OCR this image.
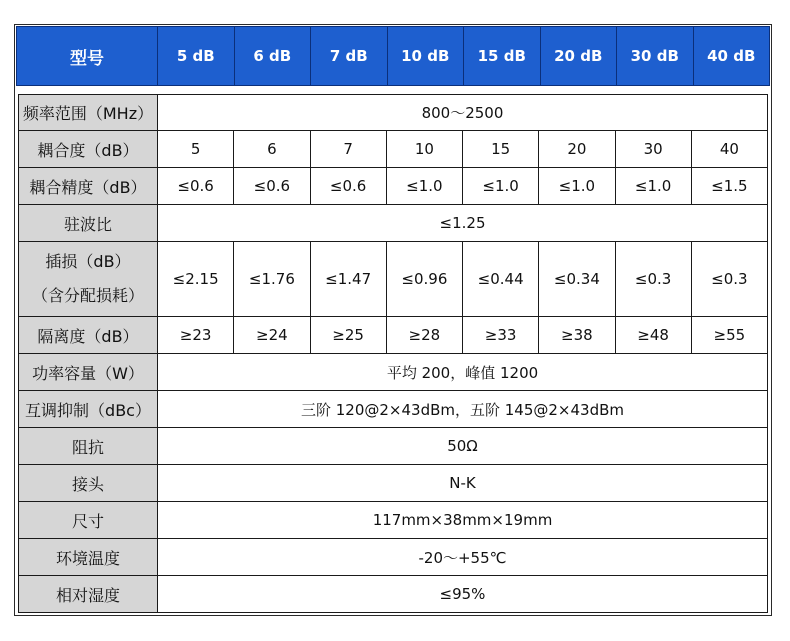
型号	5 dB	6 dB	7 dB	10 dB	15 dB	20 dB	30 dB	40 dB
频率范围（MHz）	800～2500							
耦合度（dB）	5	6	7	10	15	20	30	40
耦合精度（dB）	≤0.6	≤0.6	≤0.6	≤1.0	≤1.0	≤1.0	≤1.0	≤1.5
驻波比	≤1.25							

插损（dB）
（含分配损耗）	≤2.15	≤1.76	≤1.47	≤0.96	≤0.44	≤0.34	≤0.3	≤0.3
隔离度（dB）	≥23	≥24	≥25	≥28	≥33	≥38	≥48	≥55
功率容量（W）	平均 200，峰值 1200							
互调抑制（dBc）	三阶 120@2×43dBm，五阶 145@2×43dBm							
阻抗	50Ω							
接头	N-K							
尺寸	117mm×38mm×19mm							
环境温度	-20～+55℃							
相对湿度	≤95%							
